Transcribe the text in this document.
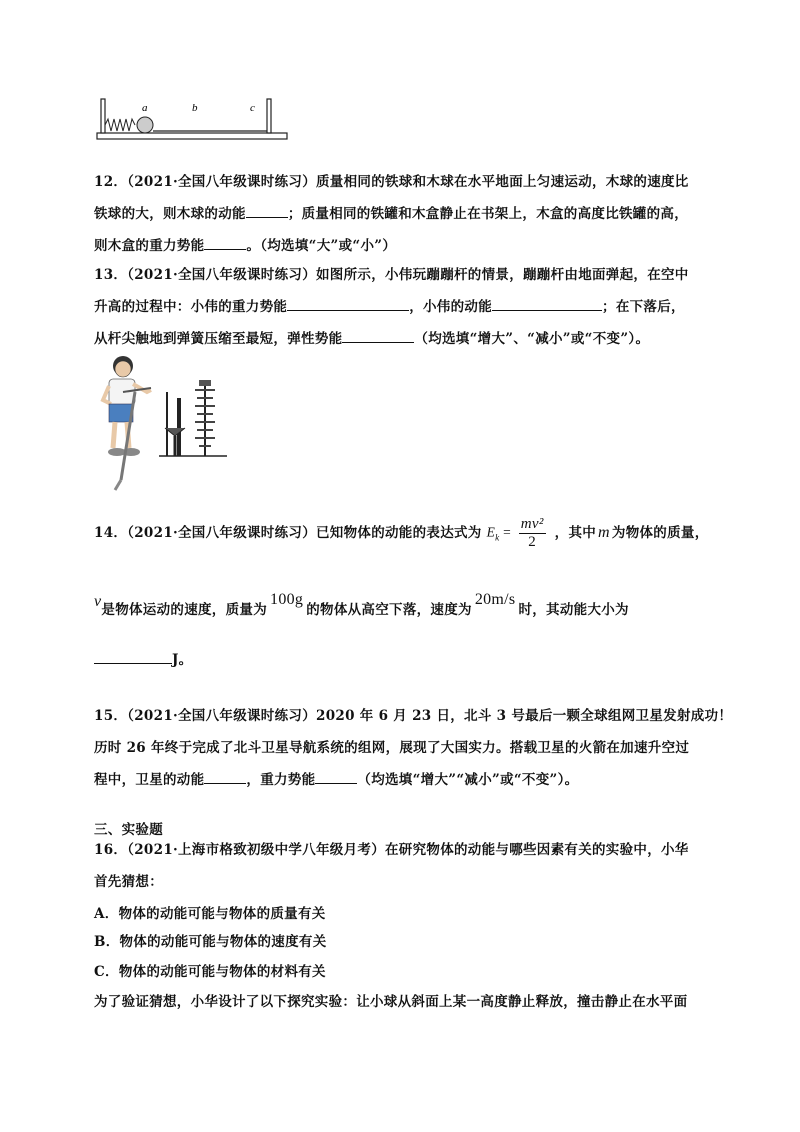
a	b	c
12．（2021·全国八年级课时练习）质量相同的铁球和木球在水平地面上匀速运动，木球的速度比
铁球的大，则木球的动能	；质量相同的铁罐和木盒静止在书架上，木盒的高度比铁罐的高，
则木盒的重力势能	。（均选填“大”或“小”）
13．（2021·全国八年级课时练习）如图所示，小伟玩蹦蹦杆的情景，蹦蹦杆由地面弹起，在空中
升高的过程中：小伟的重力势能	，小伟的动能	；在下落后，
从杆尖触地到弹簧压缩至最短，弹性势能	（均选填“增大”、“减小”或“不变”）。
14．（2021·全国八年级课时练习）已知物体的动能的表达式为 $E_k = \frac{\text{mv²}}{2}$ ，其中 m 为物体的质量，
v是物体运动的速度，质量为100g的物体从高空下落，速度为20m/s时，其动能大小为
J。
15．（2021·全国八年级课时练习）2020 年 6 月 23 日，北斗 3 号最后一颗全球组网卫星发射成功！
历时 26 年终于完成了北斗卫星导航系统的组网，展现了大国实力。搭载卫星的火箭在加速升空过
程中，卫星的动能	，重力势能	（均选填“增大”“减小”或“不变”）。
三、实验题
16．（2021·上海市格致初级中学八年级月考）在研究物体的动能与哪些因素有关的实验中，小华
首先猜想：
A．物体的动能可能与物体的质量有关
B．物体的动能可能与物体的速度有关
C．物体的动能可能与物体的材料有关
为了验证猜想，小华设计了以下探究实验：让小球从斜面上某一高度静止释放，撞击静止在水平面
